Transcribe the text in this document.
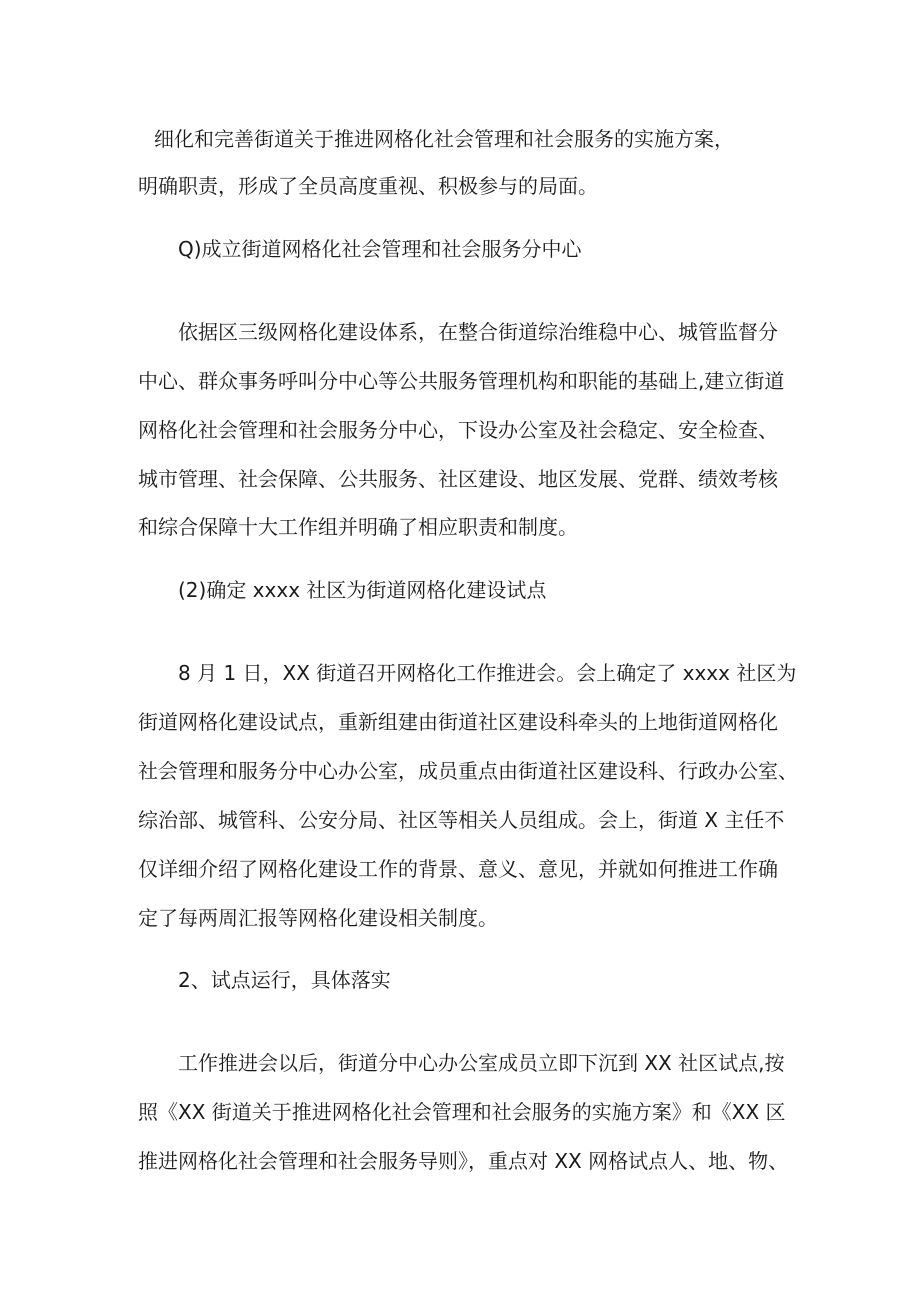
细化和完善街道关于推进网格化社会管理和社会服务的实施方案，
明确职责，形成了全员高度重视、积极参与的局面。
Q)成立街道网格化社会管理和社会服务分中心
依据区三级网格化建设体系，在整合街道综治维稳中心、城管监督分
中心、群众事务呼叫分中心等公共服务管理机构和职能的基础上,建立街道
网格化社会管理和社会服务分中心，下设办公室及社会稳定、安全检查、
城市管理、社会保障、公共服务、社区建设、地区发展、党群、绩效考核
和综合保障十大工作组并明确了相应职责和制度。
(2)确定 xxxx 社区为街道网格化建设试点
8 月 1 日，XX 街道召开网格化工作推进会。会上确定了 xxxx 社区为
街道网格化建设试点，重新组建由街道社区建设科牵头的上地街道网格化
社会管理和服务分中心办公室，成员重点由街道社区建设科、行政办公室、
综治部、城管科、公安分局、社区等相关人员组成。会上，街道 X 主任不
仅详细介绍了网格化建设工作的背景、意义、意见，并就如何推进工作确
定了每两周汇报等网格化建设相关制度。
2、试点运行，具体落实
工作推进会以后，街道分中心办公室成员立即下沉到 XX 社区试点,按
照《XX 街道关于推进网格化社会管理和社会服务的实施方案》和《XX 区
推进网格化社会管理和社会服务导则》，重点对 XX 网格试点人、地、物、
